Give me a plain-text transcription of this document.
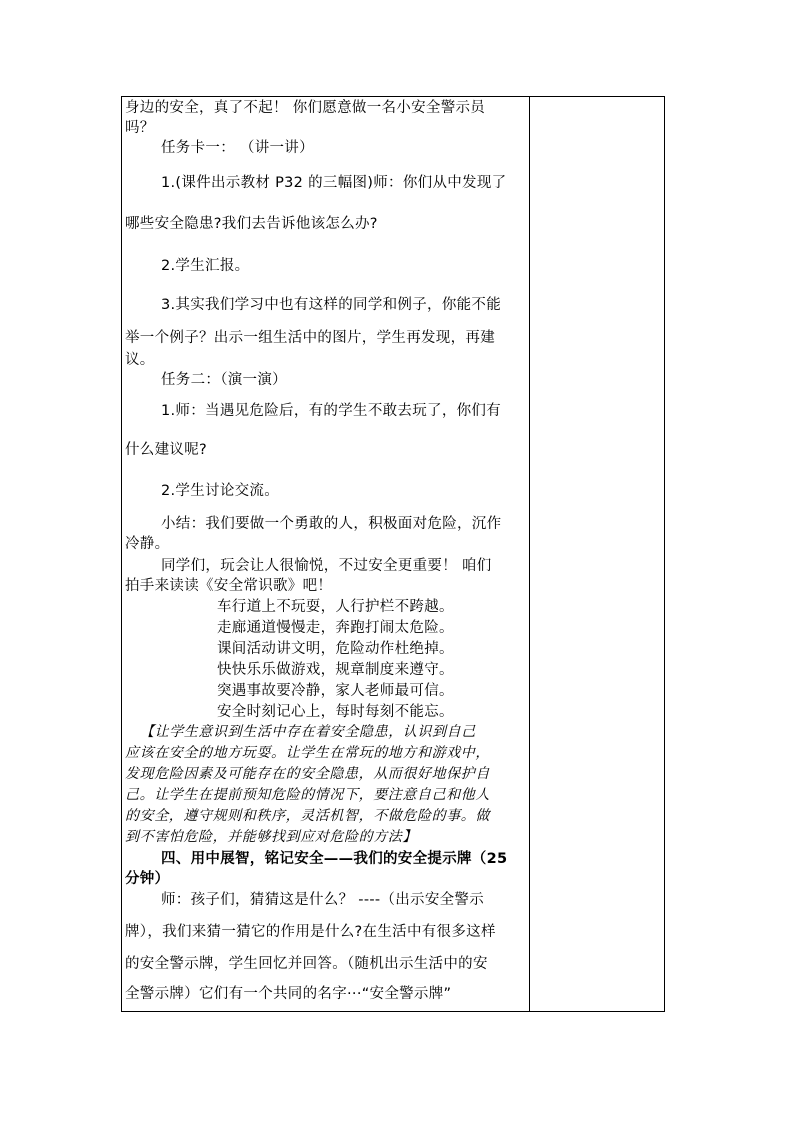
身边的安全，真了不起！ 你们愿意做一名小安全警示员
吗？
任务卡一： （讲一讲）
1.(课件出示教材 P32 的三幅图)师：你们从中发现了
哪些安全隐患?我们去告诉他该怎么办?
2.学生汇报。
3.其实我们学习中也有这样的同学和例子，你能不能
举一个例子？出示一组生活中的图片，学生再发现，再建
议。
任务二：（演一演）
1.师：当遇见危险后，有的学生不敢去玩了，你们有
什么建议呢?
2.学生讨论交流。
小结：我们要做一个勇敢的人，积极面对危险，沉作
冷静。
同学们，玩会让人很愉悦，不过安全更重要！ 咱们
拍手来读读《安全常识歌》吧！
车行道上不玩耍，人行护栏不跨越。
走廊通道慢慢走，奔跑打闹太危险。
课间活动讲文明，危险动作杜绝掉。
快快乐乐做游戏，规章制度来遵守。
突遇事故要冷静，家人老师最可信。
安全时刻记心上，每时每刻不能忘。
【让学生意识到生活中存在着安全隐患，认识到自己
应该在安全的地方玩耍。让学生在常玩的地方和游戏中，
发现危险因素及可能存在的安全隐患，从而很好地保护自
己。让学生在提前预知危险的情况下，要注意自己和他人
的安全，遵守规则和秩序，灵活机智，不做危险的事。做
到不害怕危险，并能够找到应对危险的方法】
四、用中展智，铭记安全——我们的安全提示牌（25
分钟）
师：孩子们，猜猜这是什么？ ----（出示安全警示
牌），我们来猜一猜它的作用是什么?在生活中有很多这样
的安全警示牌，学生回忆并回答。（随机出示生活中的安
全警示牌）它们有一个共同的名字···“安全警示牌”
